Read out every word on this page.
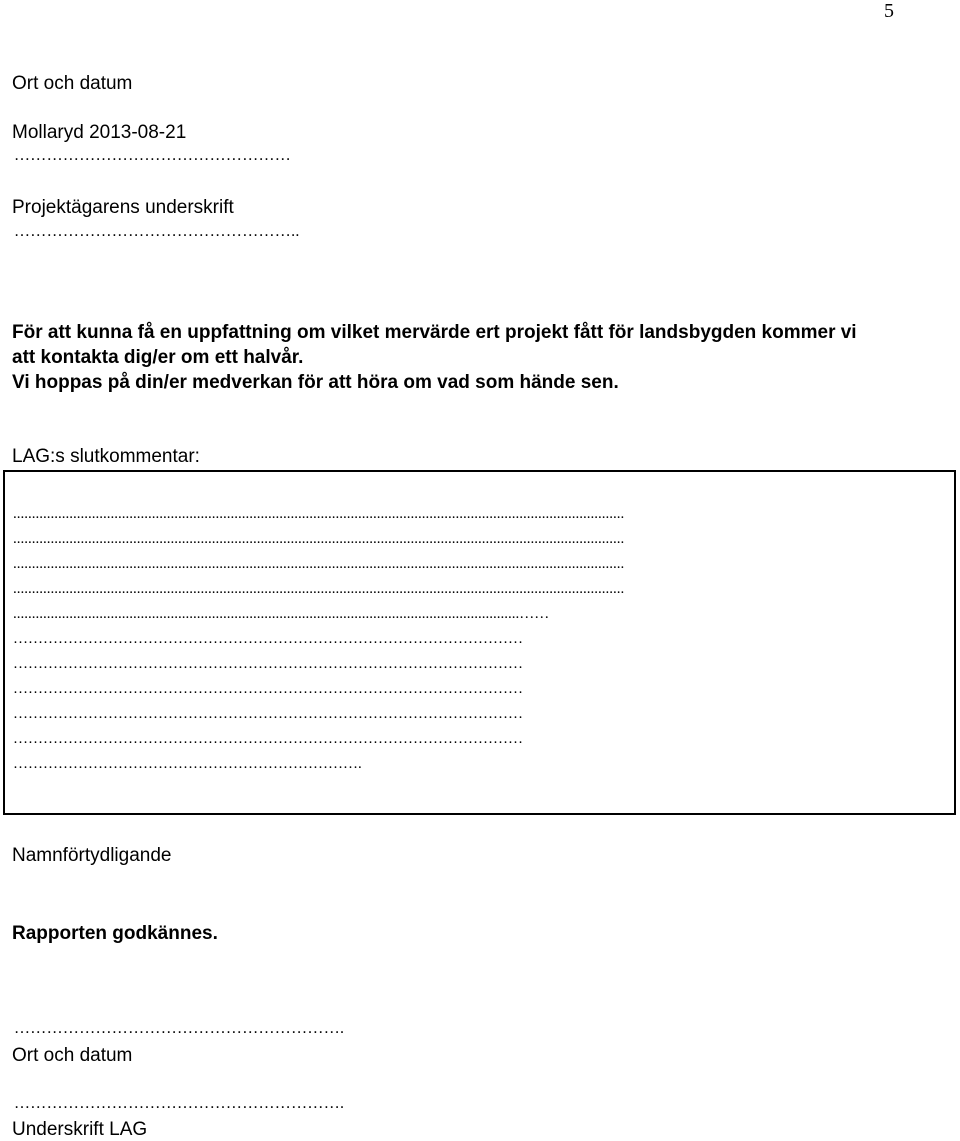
5
Ort och datum
Mollaryd 2013-08-21
……………………………………………
Projektägarens underskrift
……………………………………………..
För att kunna få en uppfattning om vilket mervärde ert projekt fått för landsbygden kommer vi
att kontakta dig/er om ett halvår.
Vi hoppas på din/er medverkan för att höra om vad som hände sen.
LAG:s slutkommentar:
...................................................................................................................................................................
...................................................................................................................................................................
...................................................................................................................................................................
...................................................................................................................................................................
.......................................................................................................................................……
…………………………………………………………………………………………
…………………………………………………………………………………………
…………………………………………………………………………………………
…………………………………………………………………………………………
…………………………………………………………………………………………
…………………………………………………………….
Namnförtydligande
Rapporten godkännes.
…………………………………………………….
Ort och datum
…………………………………………………….
Underskrift LAG
